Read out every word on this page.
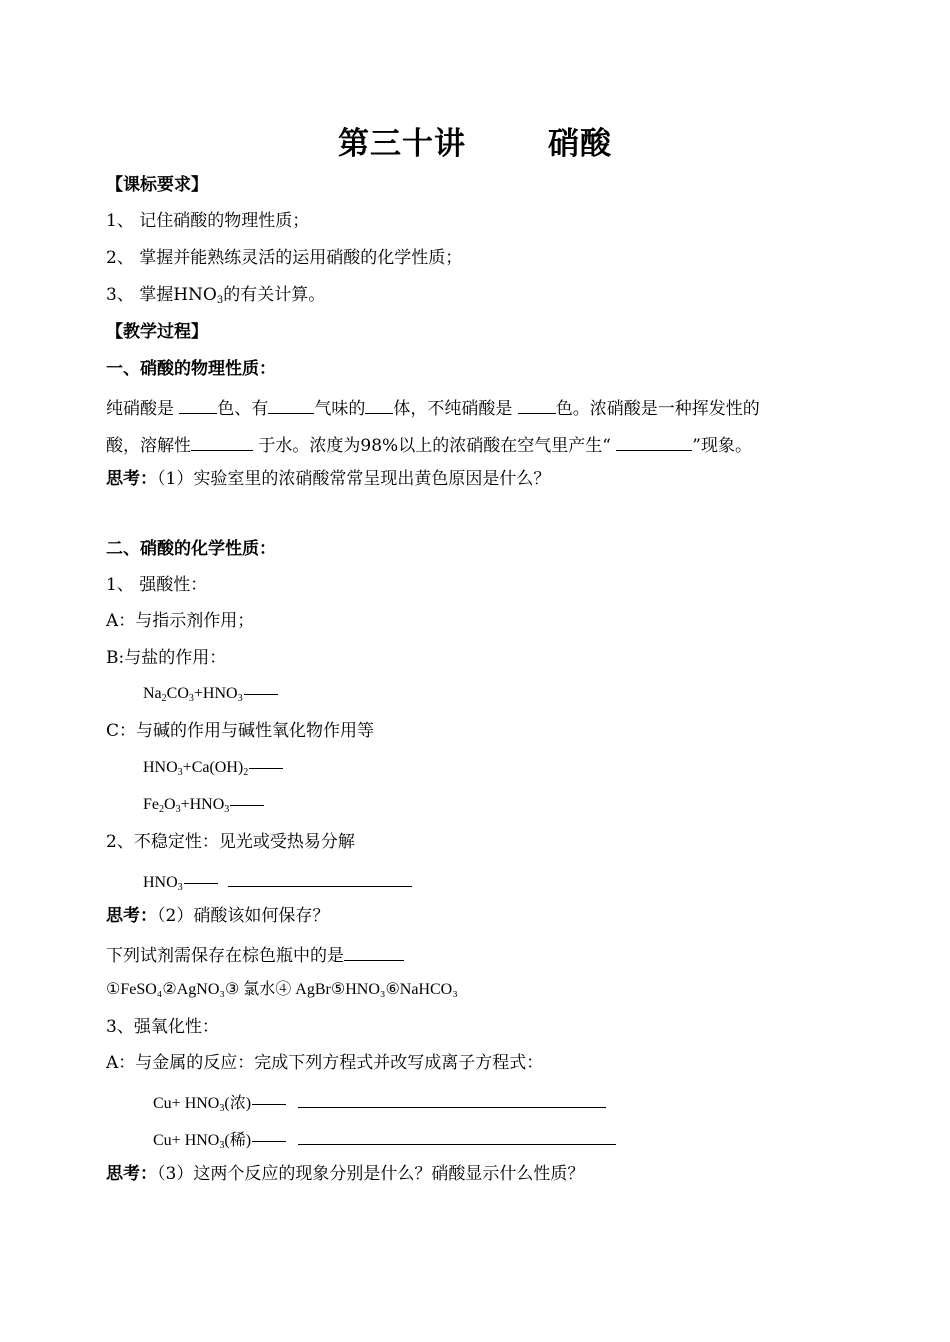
第三十讲	硝酸
【课标要求】
1、 记住硝酸的物理性质；
2、 掌握并能熟练灵活的运用硝酸的化学性质；
3、 掌握$HNO_3$的有关计算。
【教学过程】
一、硝酸的物理性质：
纯硝酸是 色、有	气味的 体，不纯硝酸是 色。浓硝酸是一种挥发性的
酸，溶解性	于水。浓度为98%以上的浓硝酸在空气里产生“	”现象。
思考：（1）实验室里的浓硝酸常常呈现出黄色原因是什么？
二、硝酸的化学性质：
1、 强酸性：
A：与指示剂作用；
B:与盐的作用：
$Na_2CO_3+HNO_3$
C：与碱的作用与碱性氧化物作用等
$HNO_3+Ca(OH)_2$
$Fe_2O_3+HNO_3$
2、不稳定性：见光或受热易分解
$HNO_3$
思考：（2）硝酸该如何保存？
下列试剂需保存在棕色瓶中的是
①FeSO₄②AgNO₃③ 氯水④ AgBr⑤HNO₃⑥NaHCO₃
3、强氧化性：
A：与金属的反应：完成下列方程式并改写成离子方程式：
$Cu+ HNO_3$(浓)
$Cu+ HNO_3$(稀)
思考：（3）这两个反应的现象分别是什么？硝酸显示什么性质？
